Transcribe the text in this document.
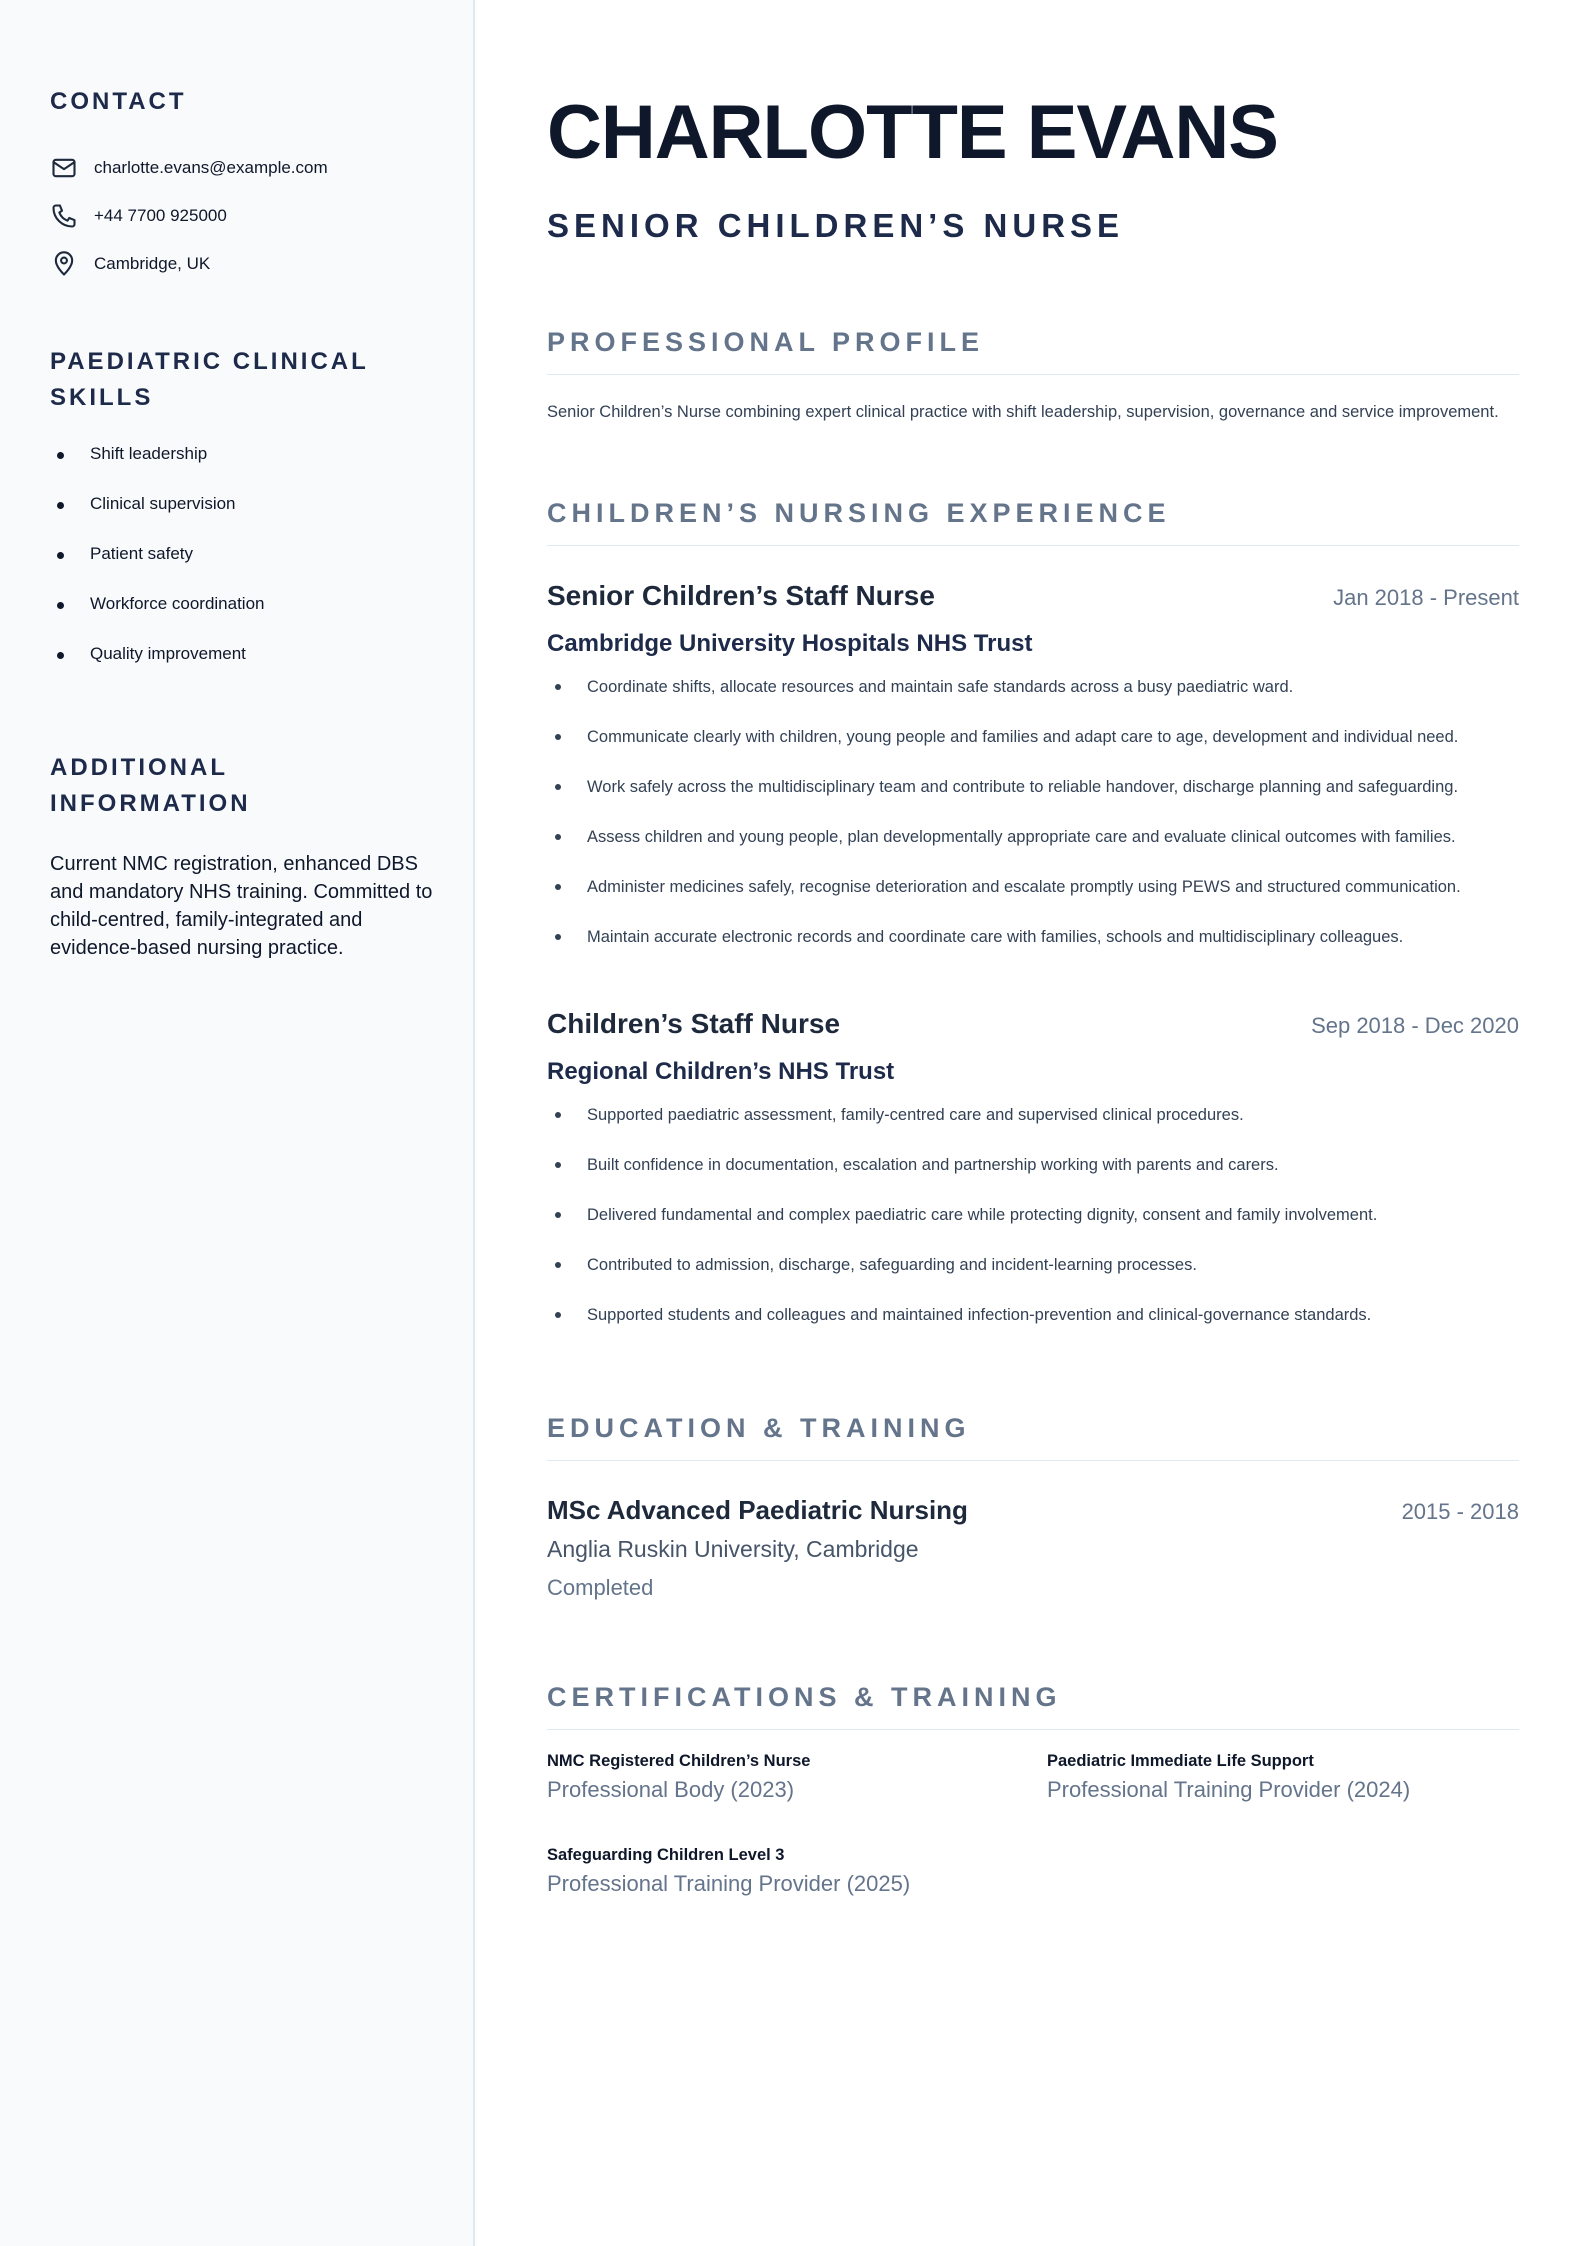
CONTACT
charlotte.evans@example.com
+44 7700 925000
Cambridge, UK
PAEDIATRIC CLINICAL SKILLS
Shift leadership
Clinical supervision
Patient safety
Workforce coordination
Quality improvement
ADDITIONAL INFORMATION

Current NMC registration, enhanced DBS and mandatory NHS training. Committed to child-centred, family-integrated and evidence-based nursing practice.

CHARLOTTE EVANS
SENIOR CHILDREN’S NURSE
PROFESSIONAL PROFILE

Senior Children’s Nurse combining expert clinical practice with shift leadership, supervision, governance and service improvement.

CHILDREN’S NURSING EXPERIENCE
Senior Children’s Staff Nurse	Jan 2018 - Present
Cambridge University Hospitals NHS Trust
Coordinate shifts, allocate resources and maintain safe standards across a busy paediatric ward.
Communicate clearly with children, young people and families and adapt care to age, development and individual need.
Work safely across the multidisciplinary team and contribute to reliable handover, discharge planning and safeguarding.
Assess children and young people, plan developmentally appropriate care and evaluate clinical outcomes with families.
Administer medicines safely, recognise deterioration and escalate promptly using PEWS and structured communication.
Maintain accurate electronic records and coordinate care with families, schools and multidisciplinary colleagues.
Children’s Staff Nurse	Sep 2018 - Dec 2020
Regional Children’s NHS Trust
Supported paediatric assessment, family-centred care and supervised clinical procedures.
Built confidence in documentation, escalation and partnership working with parents and carers.
Delivered fundamental and complex paediatric care while protecting dignity, consent and family involvement.
Contributed to admission, discharge, safeguarding and incident-learning processes.
Supported students and colleagues and maintained infection-prevention and clinical-governance standards.
EDUCATION & TRAINING
MSc Advanced Paediatric Nursing	2015 - 2018
Anglia Ruskin University, Cambridge
Completed
CERTIFICATIONS & TRAINING
NMC Registered Children’s Nurse
Professional Body (2023)
Paediatric Immediate Life Support
Professional Training Provider (2024)
Safeguarding Children Level 3
Professional Training Provider (2025)
